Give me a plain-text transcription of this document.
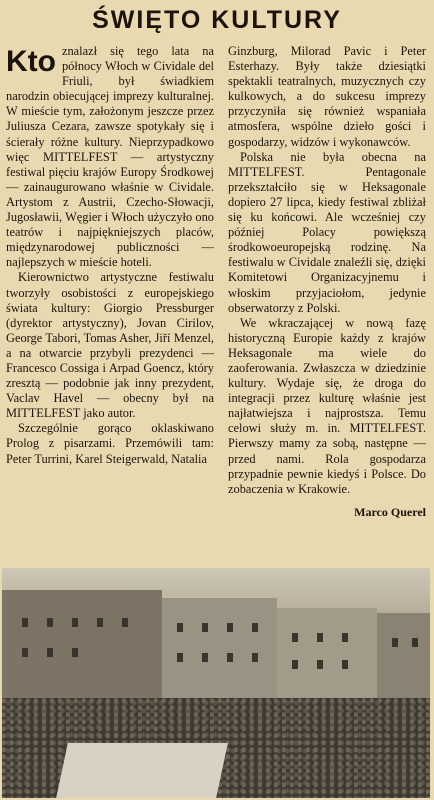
ŚWIĘTO KULTURY

Kto znalazł się tego lata na północy Włoch w Cividale del Friuli, był świadkiem narodzin obiecującej imprezy kulturalnej. W mieście tym, założonym jeszcze przez Juliusza Cezara, zawsze spotykały się i ścierały różne kultury. Nieprzypadkowo więc MITTELFEST — artystyczny festiwal pięciu krajów Europy Środkowej — zainaugurowano właśnie w Cividale. Artystom z Austrii, Czecho-Słowacji, Jugosławii, Węgier i Włoch użyczyło ono teatrów i najpiękniejszych placów, międzynarodowej publiczności — najlepszych w mieście hoteli.

Kierownictwo artystyczne festiwalu tworzyły osobistości z europejskiego świata kultury: Giorgio Pressburger (dyrektor artystyczny), Jovan Cirilov, George Tabori, Tomas Asher, Jiří Menzel, a na otwarcie przybyli prezydenci — Francesco Cossiga i Arpad Goencz, który zresztą — podobnie jak inny prezydent, Vaclav Havel — obecny był na MITTELFEST jako autor.

Szczególnie gorąco oklaskiwano Prolog z pisarzami. Przemówili tam: Peter Turrini, Karel Steigerwald, Natalia

Ginzburg, Milorad Pavic i Peter Esterhazy. Były także dziesiątki spektakli teatralnych, muzycznych czy kulkowych, a do sukcesu imprezy przyczyniła się również wspaniała atmosfera, wspólne dzieło gości i gospodarzy, widzów i wykonawców.

Polska nie była obecna na MITTELFEST. Pentagonale przekształciło się w Heksagonale dopiero 27 lipca, kiedy festiwal zbliżał się ku końcowi. Ale wcześniej czy później Polacy powiększą środkowoeuropejską rodzinę. Na festiwalu w Cividale znaleźli się, dzięki Komitetowi Organizacyjnemu i włoskim przyjaciołom, jedynie obserwatorzy z Polski.

We wkraczającej w nową fazę historyczną Europie każdy z krajów Heksagonale ma wiele do zaoferowania. Zwłaszcza w dziedzinie kultury. Wydaje się, że droga do integracji przez kulturę właśnie jest najłatwiejsza i najprostsza. Temu celowi służy m. in. MITTELFEST. Pierwszy mamy za sobą, następne — przed nami. Rola gospodarza przypadnie pewnie kiedyś i Polsce. Do zobaczenia w Krakowie.

Marco Querel
